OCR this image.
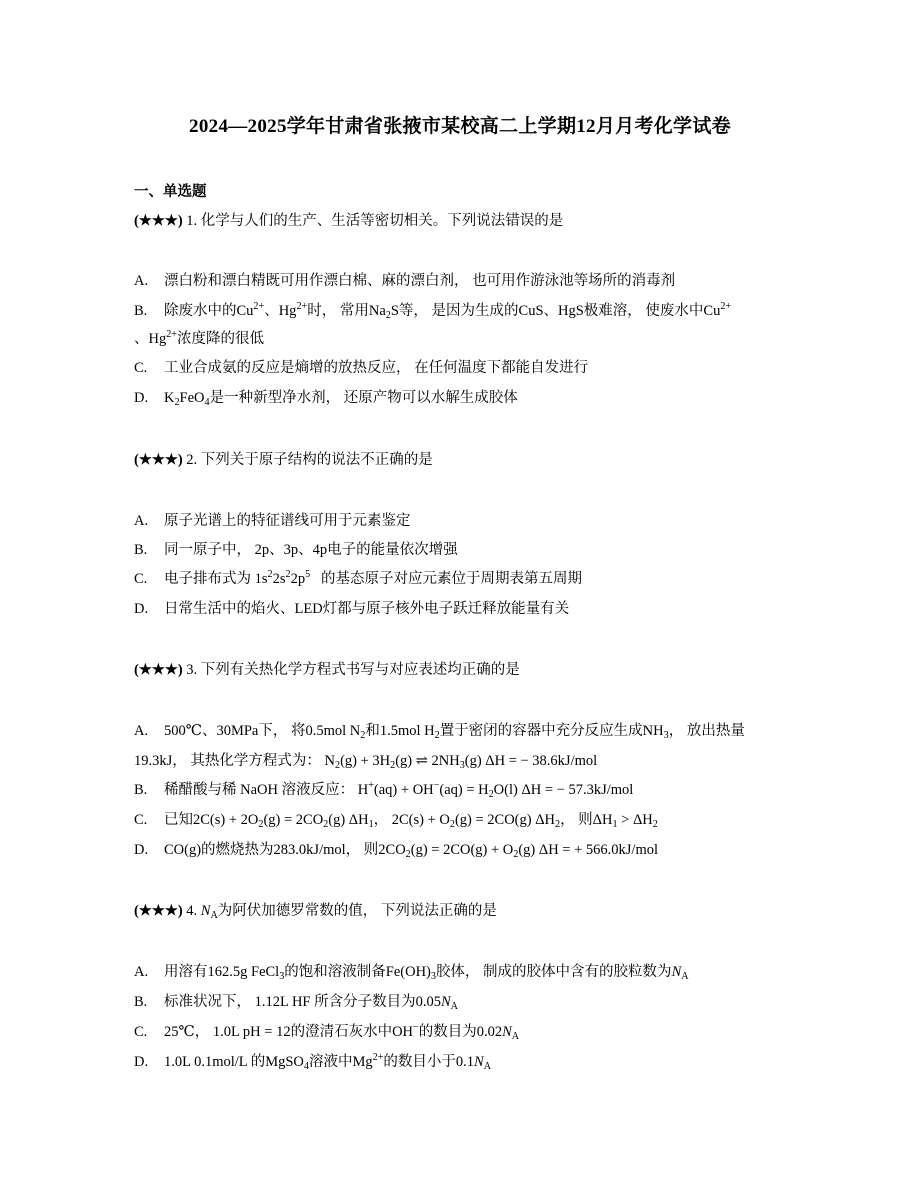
2024—2025学年甘肃省张掖市某校高二上学期12月月考化学试卷
一、单选题
(★★★) 1. 化学与人们的生产、生活等密切相关。下列说法错误的是
A. 漂白粉和漂白精既可用作漂白棉、麻的漂白剂， 也可用作游泳池等场所的消毒剂
B. 除废水中的$Cu^{2+}$、$Hg^{2+}$时， 常用$Na_2S$等， 是因为生成的CuS、HgS极难溶， 使废水中$Cu^{2+}$
、$Hg^{2+}$浓度降的很低
C. 工业合成氨的反应是熵增的放热反应， 在任何温度下都能自发进行
D. $K_2FeO_4$是一种新型净水剂， 还原产物可以水解生成胶体
(★★★) 2. 下列关于原子结构的说法不正确的是
A. 原子光谱上的特征谱线可用于元素鉴定
B. 同一原子中， 2p、3p、4p电子的能量依次增强
C. 电子排布式为 $1s^22s^22p^5$   的基态原子对应元素位于周期表第五周期
D. 日常生活中的焰火、LED灯都与原子核外电子跃迁释放能量有关
(★★★) 3. 下列有关热化学方程式书写与对应表述均正确的是
A. 500℃、30MPa下， 将0.5mol $N_2$和1.5mol $H_2$置于密闭的容器中充分反应生成$NH_3$， 放出热量
19.3kJ， 其热化学方程式为： $N_2(g) + 3H_2(g)$ ⇌ $2NH_3(g) \Delta H$ = − 38.6kJ/mol
B. 稀醋酸与稀 NaOH 溶液反应： $H^+(aq) + OH^-(aq) = H_2O(l) \Delta H$ = − 57.3kJ/mol
C. 已知$2C(s) + 2O_2(g) = 2CO_2(g)$ $\Delta H_1$， $2C(s) + O_2(g) = 2CO(g)$ $\Delta H_2$， 则$\Delta H_1 > \Delta H_2$
D. CO(g)的燃烧热为283.0kJ/mol， 则$2CO_2(g) = 2CO(g) + O_2(g) \Delta H$ = + 566.0kJ/mol
(★★★) 4. $N_A$为阿伏加德罗常数的值， 下列说法正确的是
A. 用溶有162.5g FeCl$_3$的饱和溶液制备$Fe(OH)_3$胶体， 制成的胶体中含有的胶粒数为$N_A$
B. 标准状况下， 1.12L HF 所含分子数目为$0.05N_A$
C. 25℃， 1.0L pH = 12的澄清石灰水中OH−的数目为$0.02N_A$
D. 1.0L 0.1mol/L 的MgSO$_4$溶液中$Mg^{2+}$的数目小于$0.1N_A$
